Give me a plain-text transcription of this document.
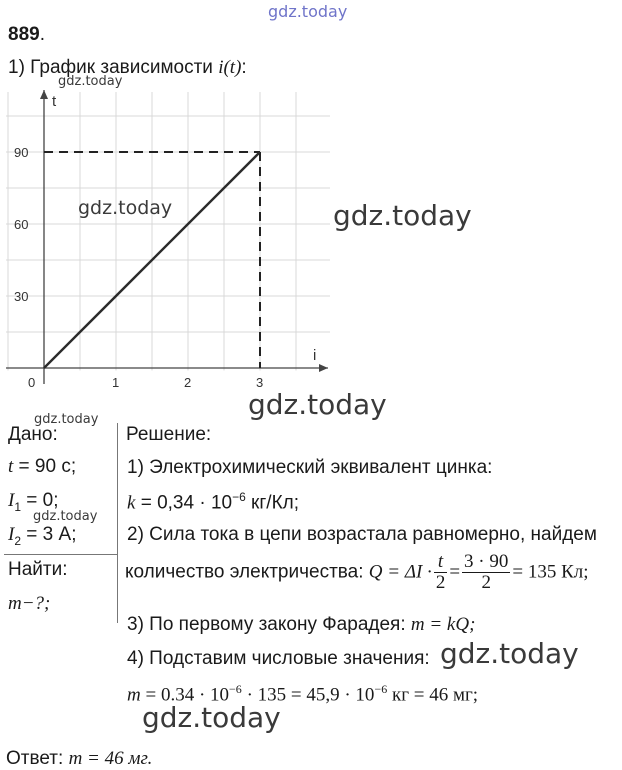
gdz.today
889.
1) График зависимости i(t):
gdz.today
i
t
0	1	2	3
30
60
90
gdz.today	gdz.today
gdz.today
gdz.today
Дано:
t = 90 с;
$I_1 = 0$;
gdz.today
$I_2 = 3$ А;
Найти:
m−?;
Решение:
1) Электрохимический эквивалент цинка:
$k = 0,34 \cdot 10^{-6}$ кг/Кл;
2) Сила тока в цепи возрастала равномерно, найдем
количество электричества: $Q = \Delta I \cdot \frac{t}{2} = \frac{3 \cdot 90}{2} = 135$ Кл;
3) По первому закону Фарадея: m = kQ;
4) Подставим числовые значения: gdz.today
$m = 0.34 \cdot 10^{-6} \cdot 135 = 45,9 \cdot 10^{-6}$ кг = 46 мг;
gdz.today
Ответ: m = 46 мг.
